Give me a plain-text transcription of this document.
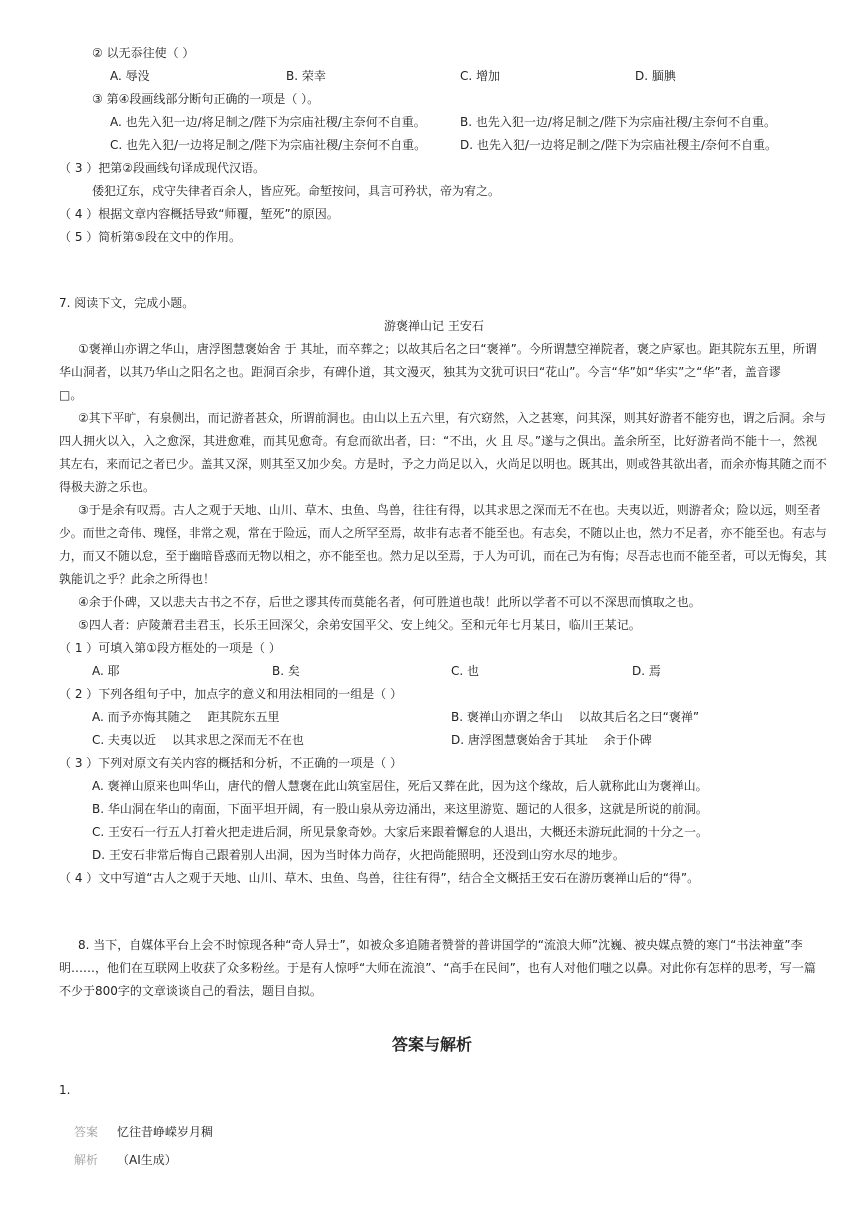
② 以无忝往使（ ）
A. 辱没	B. 荣幸	C. 增加	D. 腼腆
③ 第④段画线部分断句正确的一项是（ ）。
A. 也先入犯一边/将足制之/陛下为宗庙社稷/主奈何不自重。	B. 也先入犯一边/将足制之/陛下为宗庙社稷/主奈何不自重。
C. 也先入犯/一边将足制之/陛下为宗庙社稷/主奈何不自重。	D. 也先入犯/一边将足制之/陛下为宗庙社稷主/奈何不自重。
（ 3 ）把第②段画线句译成现代汉语。
倭犯辽东，戍守失律者百余人，皆应死。命堑按问，具言可矜状，帝为宥之。
（ 4 ）根据文章内容概括导致“师覆，堑死”的原因。
（ 5 ）简析第⑤段在文中的作用。
7. 阅读下文，完成小题。
游褒禅山记 王安石
①褒禅山亦谓之华山，唐浮图慧褒始舍 于 其址，而卒葬之；以故其后名之曰“褒禅”。今所谓慧空禅院者，褒之庐冢也。距其院东五里，所谓
华山洞者，以其乃华山之阳名之也。距洞百余步，有碑仆道，其文漫灭，独其为文犹可识曰“花山”。今言“华”如“华实”之“华”者，盖音谬
□。
②其下平旷，有泉侧出，而记游者甚众，所谓前洞也。由山以上五六里，有穴窈然，入之甚寒，问其深，则其好游者不能穷也，谓之后洞。余与
四人拥火以入，入之愈深，其进愈难，而其见愈奇。有怠而欲出者，曰：“不出，火 且 尽。”遂与之俱出。盖余所至，比好游者尚不能十一，然视
其左右，来而记之者已少。盖其又深，则其至又加少矣。方是时，予之力尚足以入，火尚足以明也。既其出，则或咎其欲出者，而余亦悔其随之而不
得极夫游之乐也。
③于是余有叹焉。古人之观于天地、山川、草木、虫鱼、鸟兽，往往有得，以其求思之深而无不在也。夫夷以近，则游者众；险以远，则至者
少。而世之奇伟、瑰怪，非常之观，常在于险远，而人之所罕至焉，故非有志者不能至也。有志矣，不随以止也，然力不足者，亦不能至也。有志与
力，而又不随以怠，至于幽暗昏惑而无物以相之，亦不能至也。然力足以至焉，于人为可讥，而在己为有悔；尽吾志也而不能至者，可以无悔矣，其
孰能讥之乎？此余之所得也！
④余于仆碑，又以悲夫古书之不存，后世之谬其传而莫能名者，何可胜道也哉！此所以学者不可以不深思而慎取之也。
⑤四人者：庐陵萧君圭君玉，长乐王回深父，余弟安国平父、安上纯父。至和元年七月某日，临川王某记。
（ 1 ）可填入第①段方框处的一项是（ ）
A. 耶	B. 矣	C. 也	D. 焉
（ 2 ）下列各组句子中，加点字的意义和用法相同的一组是（ ）
A. 而予亦悔其随之　 距其院东五里	B. 褒禅山亦谓之华山　 以故其后名之曰“褒禅”
C. 夫夷以近　 以其求思之深而无不在也	D. 唐浮图慧褒始舍于其址　 余于仆碑
（ 3 ）下列对原文有关内容的概括和分析，不正确的一项是（ ）
A. 褒禅山原来也叫华山，唐代的僧人慧褒在此山筑室居住，死后又葬在此，因为这个缘故，后人就称此山为褒禅山。
B. 华山洞在华山的南面，下面平坦开阔，有一股山泉从旁边涌出，来这里游览、题记的人很多，这就是所说的前洞。
C. 王安石一行五人打着火把走进后洞，所见景象奇妙。大家后来跟着懈怠的人退出，大概还未游玩此洞的十分之一。
D. 王安石非常后悔自己跟着别人出洞，因为当时体力尚存，火把尚能照明，还没到山穷水尽的地步。
（ 4 ）文中写道“古人之观于天地、山川、草木、虫鱼、鸟兽，往往有得”，结合全文概括王安石在游历褒禅山后的“得”。
8. 当下，自媒体平台上会不时惊现各种“奇人异士”，如被众多追随者赞誉的普讲国学的“流浪大师”沈巍、被央媒点赞的寒门“书法神童”李
明……，他们在互联网上收获了众多粉丝。于是有人惊呼“大师在流浪”、“高手在民间”，也有人对他们嗤之以鼻。对此你有怎样的思考，写一篇
不少于800字的文章谈谈自己的看法，题目自拟。
答案与解析
1.
答案 忆往昔峥嵘岁月稠
解析 （AI生成）
